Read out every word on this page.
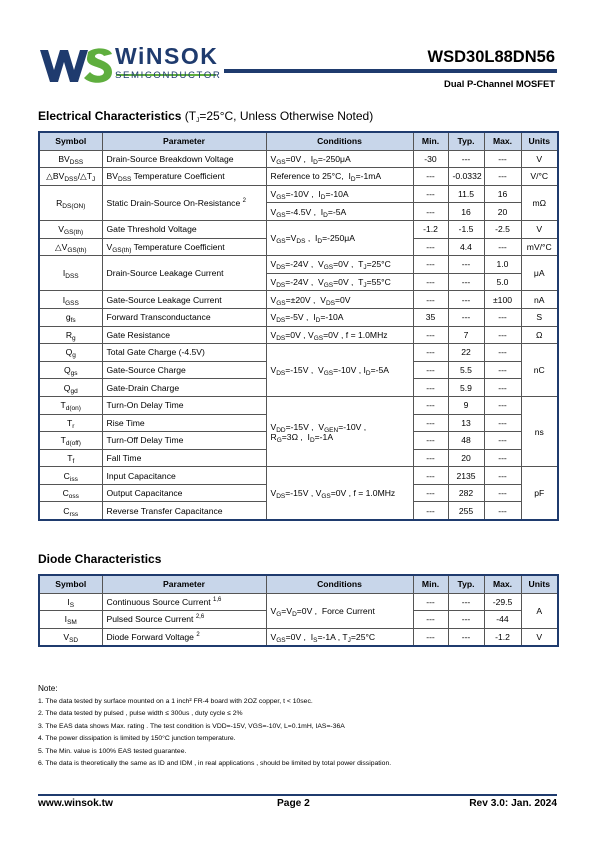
WiNSOK
SEMICONDUCTOR
WSD30L88DN56
Dual P-Channel MOSFET
Electrical Characteristics ($T_J=25^\circ C$, Unless Otherwise Noted)
Symbol	Parameter	Conditions	Min.	Typ.	Max.	Units
$BV_{DSS}$	Drain-Source Breakdown Voltage	$V_{GS}=0V$ ,  $I_D=-250\mu A$	-30	---	---	V
$\triangle BV_{DSS}/\triangle T_J$	$BV_{DSS}$ Temperature Coefficient	Reference to 25°C,  $I_D=-1mA$	---	-0.0332	---	V/°C
$R_{DS(ON)}$	Static Drain-Source On-Resistance $^2$	$V_{GS}=-10V$ ,  $I_D=-10A$	---	11.5	16	mΩ
		$V_{GS}=-4.5V$ ,  $I_D=-5A$	---	16	20	
$V_{GS(th)}$	Gate Threshold Voltage	$V_{GS}=V_{DS}$ ,  $I_D=-250\mu A$	-1.2	-1.5	-2.5	V
$\triangle V_{GS(th)}$	$V_{GS(th)}$ Temperature Coefficient		---	4.4	---	mV/°C
$I_{DSS}$	Drain-Source Leakage Current	$V_{DS}=-24V$ ,  $V_{GS}=0V$ ,  $T_J=25^\circ C$	---	---	1.0	μA
		$V_{DS}=-24V$ ,  $V_{GS}=0V$ ,  $T_J=55^\circ C$	---	---	5.0	
$I_{GSS}$	Gate-Source Leakage Current	$V_{GS}=\pm 20V$ ,  $V_{DS}=0V$	---	---	±100	nA
$g_{fs}$	Forward Transconductance	$V_{DS}=-5V$ ,  $I_D=-10A$	35	---	---	S
$R_g$	Gate Resistance	$V_{DS}=0V$ , $V_{GS}=0V$ , f = 1.0MHz	---	7	---	Ω
$Q_g$	Total Gate Charge (-4.5V)	$V_{DS}=-15V$ ,  $V_{GS}=-10V$ , $I_D=-5A$	---	22	---	nC
$Q_{gs}$	Gate-Source Charge		---	5.5	---	
$Q_{gd}$	Gate-Drain Charge		---	5.9	---	
$T_{d(on)}$	Turn-On Delay Time	$V_{DD}=-15V$ ,  $V_{GEN}=-10V$ ,
$R_G=3\Omega$ ,  $I_D=-1A$	---	9	---	ns
$T_r$	Rise Time		---	13	---	
$T_{d(off)}$	Turn-Off Delay Time		---	48	---	
$T_f$	Fall Time		---	20	---	
$C_{iss}$	Input Capacitance	$V_{DS}=-15V$ , $V_{GS}=0V$ , f = 1.0MHz	---	2135	---	pF
$C_{oss}$	Output Capacitance		---	282	---	
$C_{rss}$	Reverse Transfer Capacitance		---	255	---	
Diode Characteristics
Symbol	Parameter	Conditions	Min.	Typ.	Max.	Units
$I_S$	Continuous Source Current $^{1,6}$	$V_G=V_D=0V$ ,  Force Current	---	---	-29.5	A
$I_{SM}$	Pulsed Source Current $^{2,6}$		---	---	-44	
$V_{SD}$	Diode Forward Voltage $^2$	$V_{GS}=0V$ ,  $I_S=-1A$ , $T_J=25^\circ C$	---	---	-1.2	V
Note:
1. The data tested by surface mounted on a 1 inch² FR-4 board with 2OZ copper, t < 10sec.
2. The data tested by pulsed , pulse width ≤ 300us , duty cycle ≤ 2%
3. The EAS data shows Max. rating . The test condition is VDD=-15V, VGS=-10V, L=0.1mH, IAS=-36A
4. The power dissipation is limited by 150°C junction temperature.
5. The Min. value is 100% EAS tested guarantee.
6. The data is theoretically the same as ID and IDM , in real applications , should be limited by total power dissipation.
www.winsok.tw	Page 2	Rev 3.0: Jan. 2024
